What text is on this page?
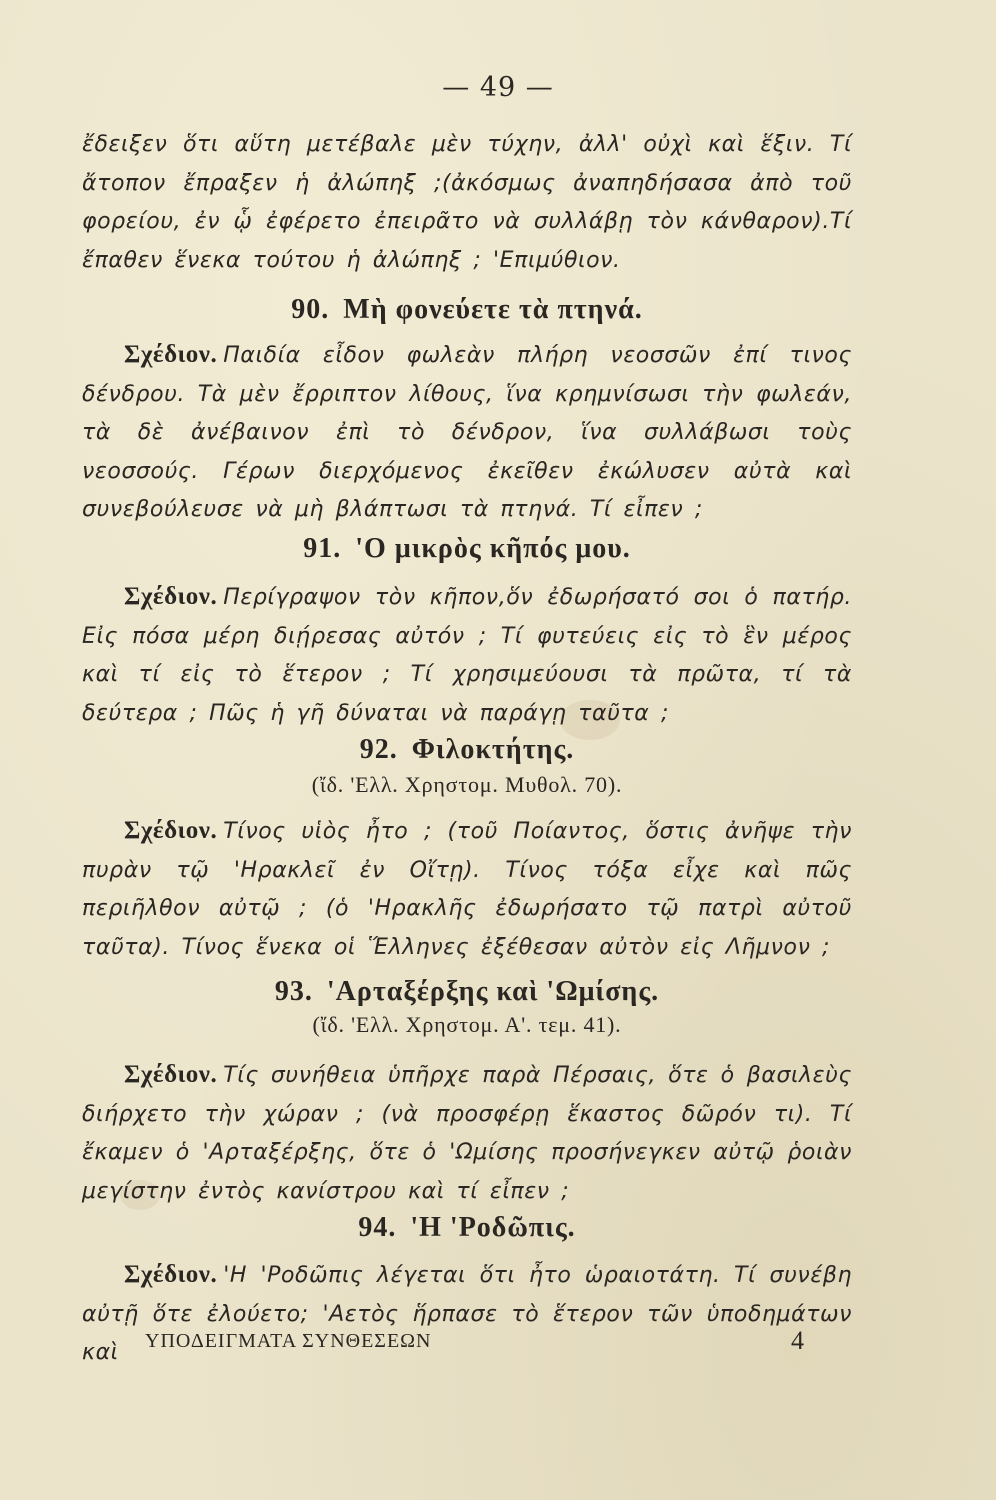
— 49 —

ἔδειξεν ὅτι αὕτη μετέβαλε μὲν τύχην, ἀλλ' οὐχὶ καὶ ἕξιν. Τί ἄτοπον ἔπραξεν ἡ ἀλώπηξ ;(ἀκόσμως ἀναπηδήσασα ἀπὸ τοῦ φορείου, ἐν ᾧ ἐφέρετο ἐπειρᾶτο νὰ συλλάβῃ τὸν κάνθαρον).Τί ἔπαθεν ἕνεκα τούτου ἡ ἀλώπηξ ; 'Επιμύθιον.

90. Μὴ φονεύετε τὰ πτηνά.

Σχέδιον. Παιδία εἶδον φωλεὰν πλήρη νεοσσῶν ἐπί τινος δένδρου. Τὰ μὲν ἔρριπτον λίθους, ἵνα κρημνίσωσι τὴν φωλεάν, τὰ δὲ ἀνέβαινον ἐπὶ τὸ δένδρον, ἵνα συλλάβωσι τοὺς νεοσσούς. Γέρων διερχόμενος ἐκεῖθεν ἐκώλυσεν αὐτὰ καὶ συνεβούλευσε νὰ μὴ βλάπτωσι τὰ πτηνά. Τί εἶπεν ;

91. 'Ο μικρὸς κῆπός μου.

Σχέδιον. Περίγραψον τὸν κῆπον,ὅν ἐδωρήσατό σοι ὁ πατήρ. Εἰς πόσα μέρη διῄρεσας αὐτόν ; Τί φυτεύεις εἰς τὸ ἓν μέρος καὶ τί εἰς τὸ ἕτερον ; Τί χρησιμεύουσι τὰ πρῶτα, τί τὰ δεύτερα ; Πῶς ἡ γῆ δύναται νὰ παράγῃ ταῦτα ;

92. Φιλοκτήτης.
(ἴδ. 'Ελλ. Χρηστομ. Μυθολ. 70).

Σχέδιον. Τίνος υἱὸς ἦτο ; (τοῦ Ποίαντος, ὅστις ἀνῆψε τὴν πυρὰν τῷ 'Ηρακλεῖ ἐν Οἴτῃ). Τίνος τόξα εἶχε καὶ πῶς περιῆλθον αὐτῷ ; (ὁ 'Ηρακλῆς ἐδωρήσατο τῷ πατρὶ αὐτοῦ ταῦτα). Τίνος ἕνεκα οἱ Ἕλληνες ἐξέθεσαν αὐτὸν εἰς Λῆμνον ;

93. 'Αρταξέρξης καὶ 'Ωμίσης.
(ἴδ. 'Ελλ. Χρηστομ. Α'. τεμ. 41).

Σχέδιον. Τίς συνήθεια ὑπῆρχε παρὰ Πέρσαις, ὅτε ὁ βασιλεὺς διήρχετο τὴν χώραν ; (νὰ προσφέρῃ ἕκαστος δῶρόν τι). Τί ἔκαμεν ὁ 'Αρταξέρξης, ὅτε ὁ 'Ωμίσης προσήνεγκεν αὐτῷ ῥοιὰν μεγίστην ἐντὸς κανίστρου καὶ τί εἶπεν ;

94. 'Η 'Ροδῶπις.

Σχέδιον. 'Η 'Ροδῶπις λέγεται ὅτι ἦτο ὡραιοτάτη. Τί συνέβη αὐτῇ ὅτε ἐλούετο; 'Αετὸς ἥρπασε τὸ ἕτερον τῶν ὑποδημάτων καὶ	ΥΠΟΔΕΙΓΜΑΤΑ ΣΥΝΘΕΣΕΩΝ	4
